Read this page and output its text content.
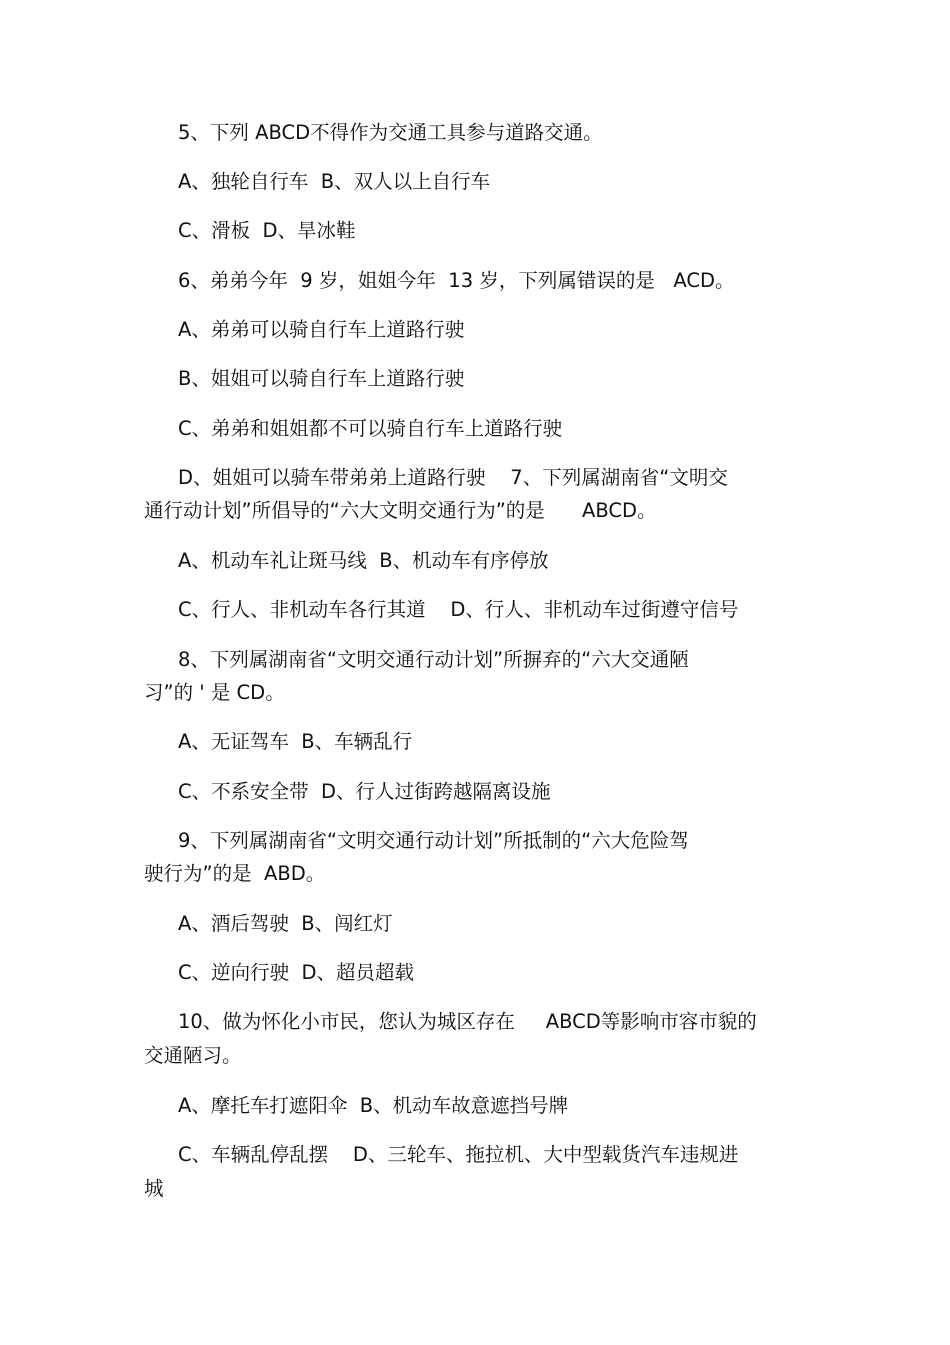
5、下列 ABCD不得作为交通工具参与道路交通。
A、独轮自行车  B、双人以上自行车
C、滑板  D、旱冰鞋
6、弟弟今年  9 岁，姐姐今年  13 岁，下列属错误的是   ACD。
A、弟弟可以骑自行车上道路行驶
B、姐姐可以骑自行车上道路行驶
C、弟弟和姐姐都不可以骑自行车上道路行驶
D、姐姐可以骑车带弟弟上道路行驶    7、下列属湖南省“文明交
通行动计划”所倡导的“六大文明交通行为”的是      ABCD。
A、机动车礼让斑马线  B、机动车有序停放
C、行人、非机动车各行其道    D、行人、非机动车过街遵守信号
8、下列属湖南省“文明交通行动计划”所摒弃的“六大交通陋
习”的 ' 是 CD。
A、无证驾车  B、车辆乱行
C、不系安全带  D、行人过街跨越隔离设施
9、下列属湖南省“文明交通行动计划”所抵制的“六大危险驾
驶行为”的是  ABD。
A、酒后驾驶  B、闯红灯
C、逆向行驶  D、超员超载
10、做为怀化小市民，您认为城区存在     ABCD等影响市容市貌的
交通陋习。
A、摩托车打遮阳伞  B、机动车故意遮挡号牌
C、车辆乱停乱摆    D、三轮车、拖拉机、大中型载货汽车违规进
城
